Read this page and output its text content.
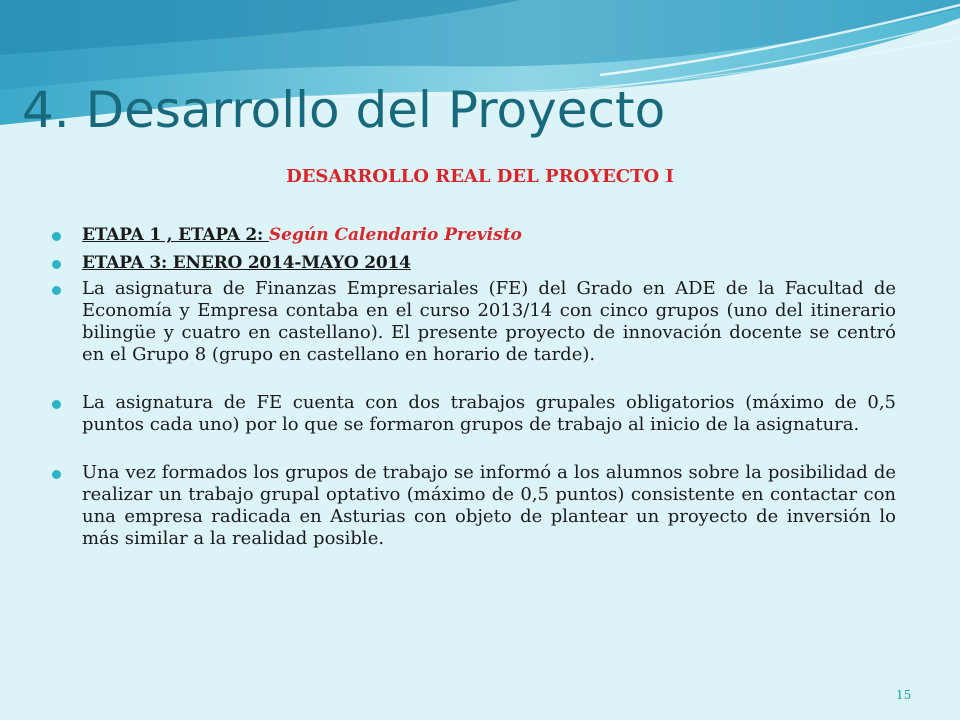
4. Desarrollo del Proyecto
DESARROLLO REAL DEL PROYECTO I
ETAPA 1 , ETAPA 2: Según Calendario Previsto
ETAPA 3: ENERO 2014-MAYO 2014
La asignatura de Finanzas Empresariales (FE) del Grado en ADE de la Facultad de Economía y Empresa contaba en el curso 2013/14 con cinco grupos (uno del itinerario bilingüe y cuatro en castellano). El presente proyecto de innovación docente se centró en el Grupo 8 (grupo en castellano en horario de tarde).
La asignatura de FE cuenta con dos trabajos grupales obligatorios (máximo de 0,5 puntos cada uno) por lo que se formaron grupos de trabajo al inicio de la asignatura.
Una vez formados los grupos de trabajo se informó a los alumnos sobre la posibilidad de realizar un trabajo grupal optativo (máximo de 0,5 puntos) consistente en contactar con una empresa radicada en Asturias con objeto de plantear un proyecto de inversión lo más similar a la realidad posible.
15
